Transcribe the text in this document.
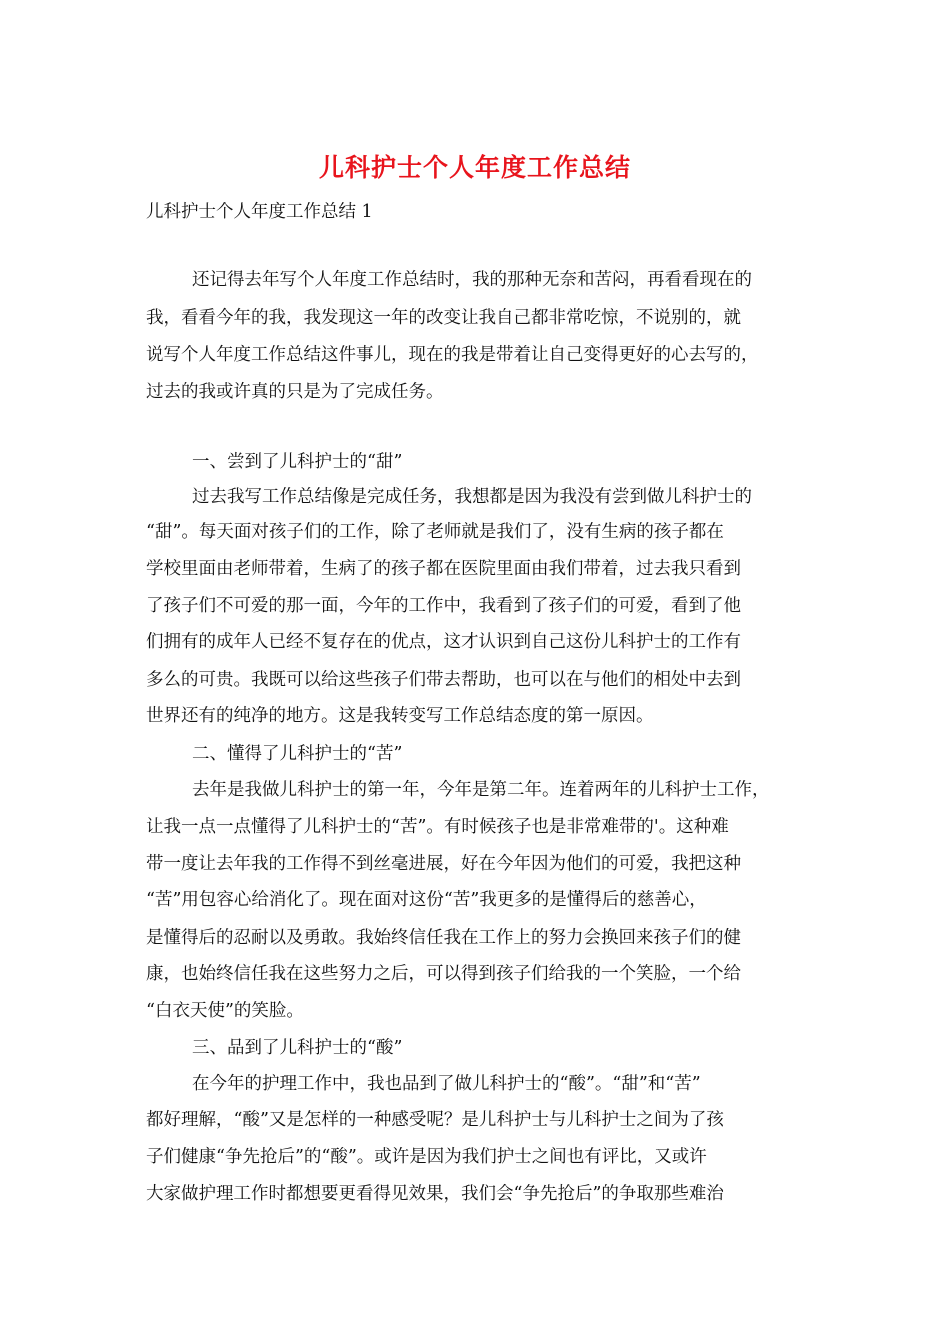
儿科护士个人年度工作总结
儿科护士个人年度工作总结 1
还记得去年写个人年度工作总结时，我的那种无奈和苦闷，再看看现在的
我，看看今年的我，我发现这一年的改变让我自己都非常吃惊，不说别的，就
说写个人年度工作总结这件事儿，现在的我是带着让自己变得更好的心去写的，
过去的我或许真的只是为了完成任务。
一、尝到了儿科护士的“甜”
过去我写工作总结像是完成任务，我想都是因为我没有尝到做儿科护士的
“甜”。每天面对孩子们的工作，除了老师就是我们了，没有生病的孩子都在
学校里面由老师带着，生病了的孩子都在医院里面由我们带着，过去我只看到
了孩子们不可爱的那一面，今年的工作中，我看到了孩子们的可爱，看到了他
们拥有的成年人已经不复存在的优点，这才认识到自己这份儿科护士的工作有
多么的可贵。我既可以给这些孩子们带去帮助，也可以在与他们的相处中去到
世界还有的纯净的地方。这是我转变写工作总结态度的第一原因。
二、懂得了儿科护士的“苦”
去年是我做儿科护士的第一年，今年是第二年。连着两年的儿科护士工作，
让我一点一点懂得了儿科护士的“苦”。有时候孩子也是非常难带的'。这种难
带一度让去年我的工作得不到丝毫进展，好在今年因为他们的可爱，我把这种
“苦”用包容心给消化了。现在面对这份“苦”我更多的是懂得后的慈善心，
是懂得后的忍耐以及勇敢。我始终信任我在工作上的努力会换回来孩子们的健
康，也始终信任我在这些努力之后，可以得到孩子们给我的一个笑脸，一个给
“白衣天使”的笑脸。
三、品到了儿科护士的“酸”
在今年的护理工作中，我也品到了做儿科护士的“酸”。“甜”和“苦”
都好理解，“酸”又是怎样的一种感受呢？是儿科护士与儿科护士之间为了孩
子们健康“争先抢后”的“酸”。或许是因为我们护士之间也有评比，又或许
大家做护理工作时都想要更看得见效果，我们会“争先抢后”的争取那些难治
